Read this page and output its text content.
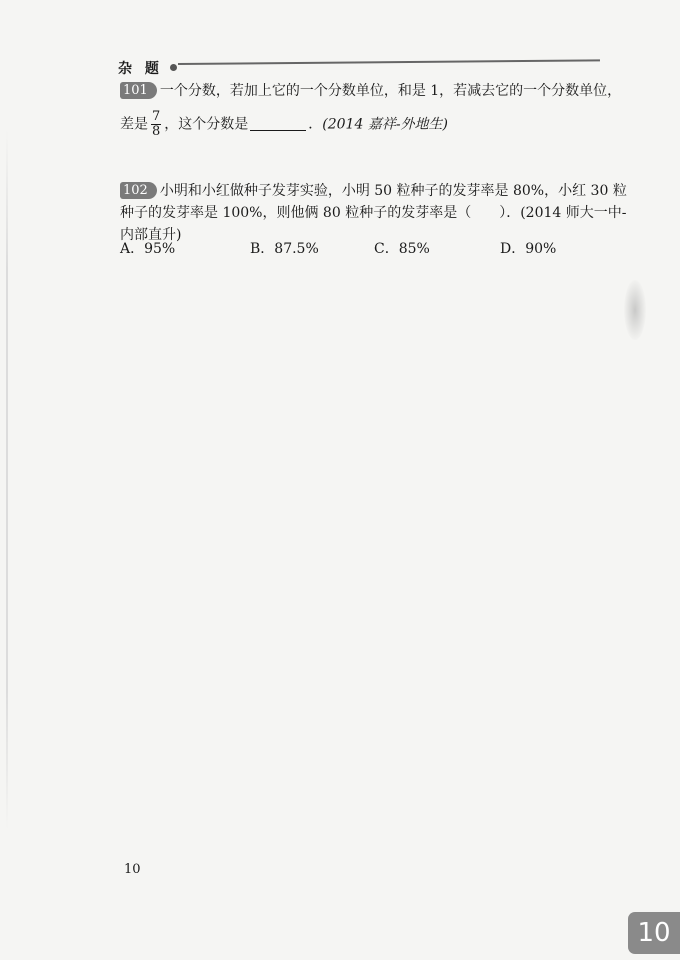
杂 题
101 一个分数，若加上它的一个分数单位，和是 1，若减去它的一个分数单位，
差是 $\frac{7}{8}$ ，这个分数是	．(2014 嘉祥-外地生)
102 小明和小红做种子发芽实验，小明 50 粒种子的发芽率是 80%，小红 30 粒
种子的发芽率是 100%，则他俩 80 粒种子的发芽率是（　　）．(2014 师大一中-
内部直升)
A．95%	B．87.5%	C．85%	D．90%
10
10
